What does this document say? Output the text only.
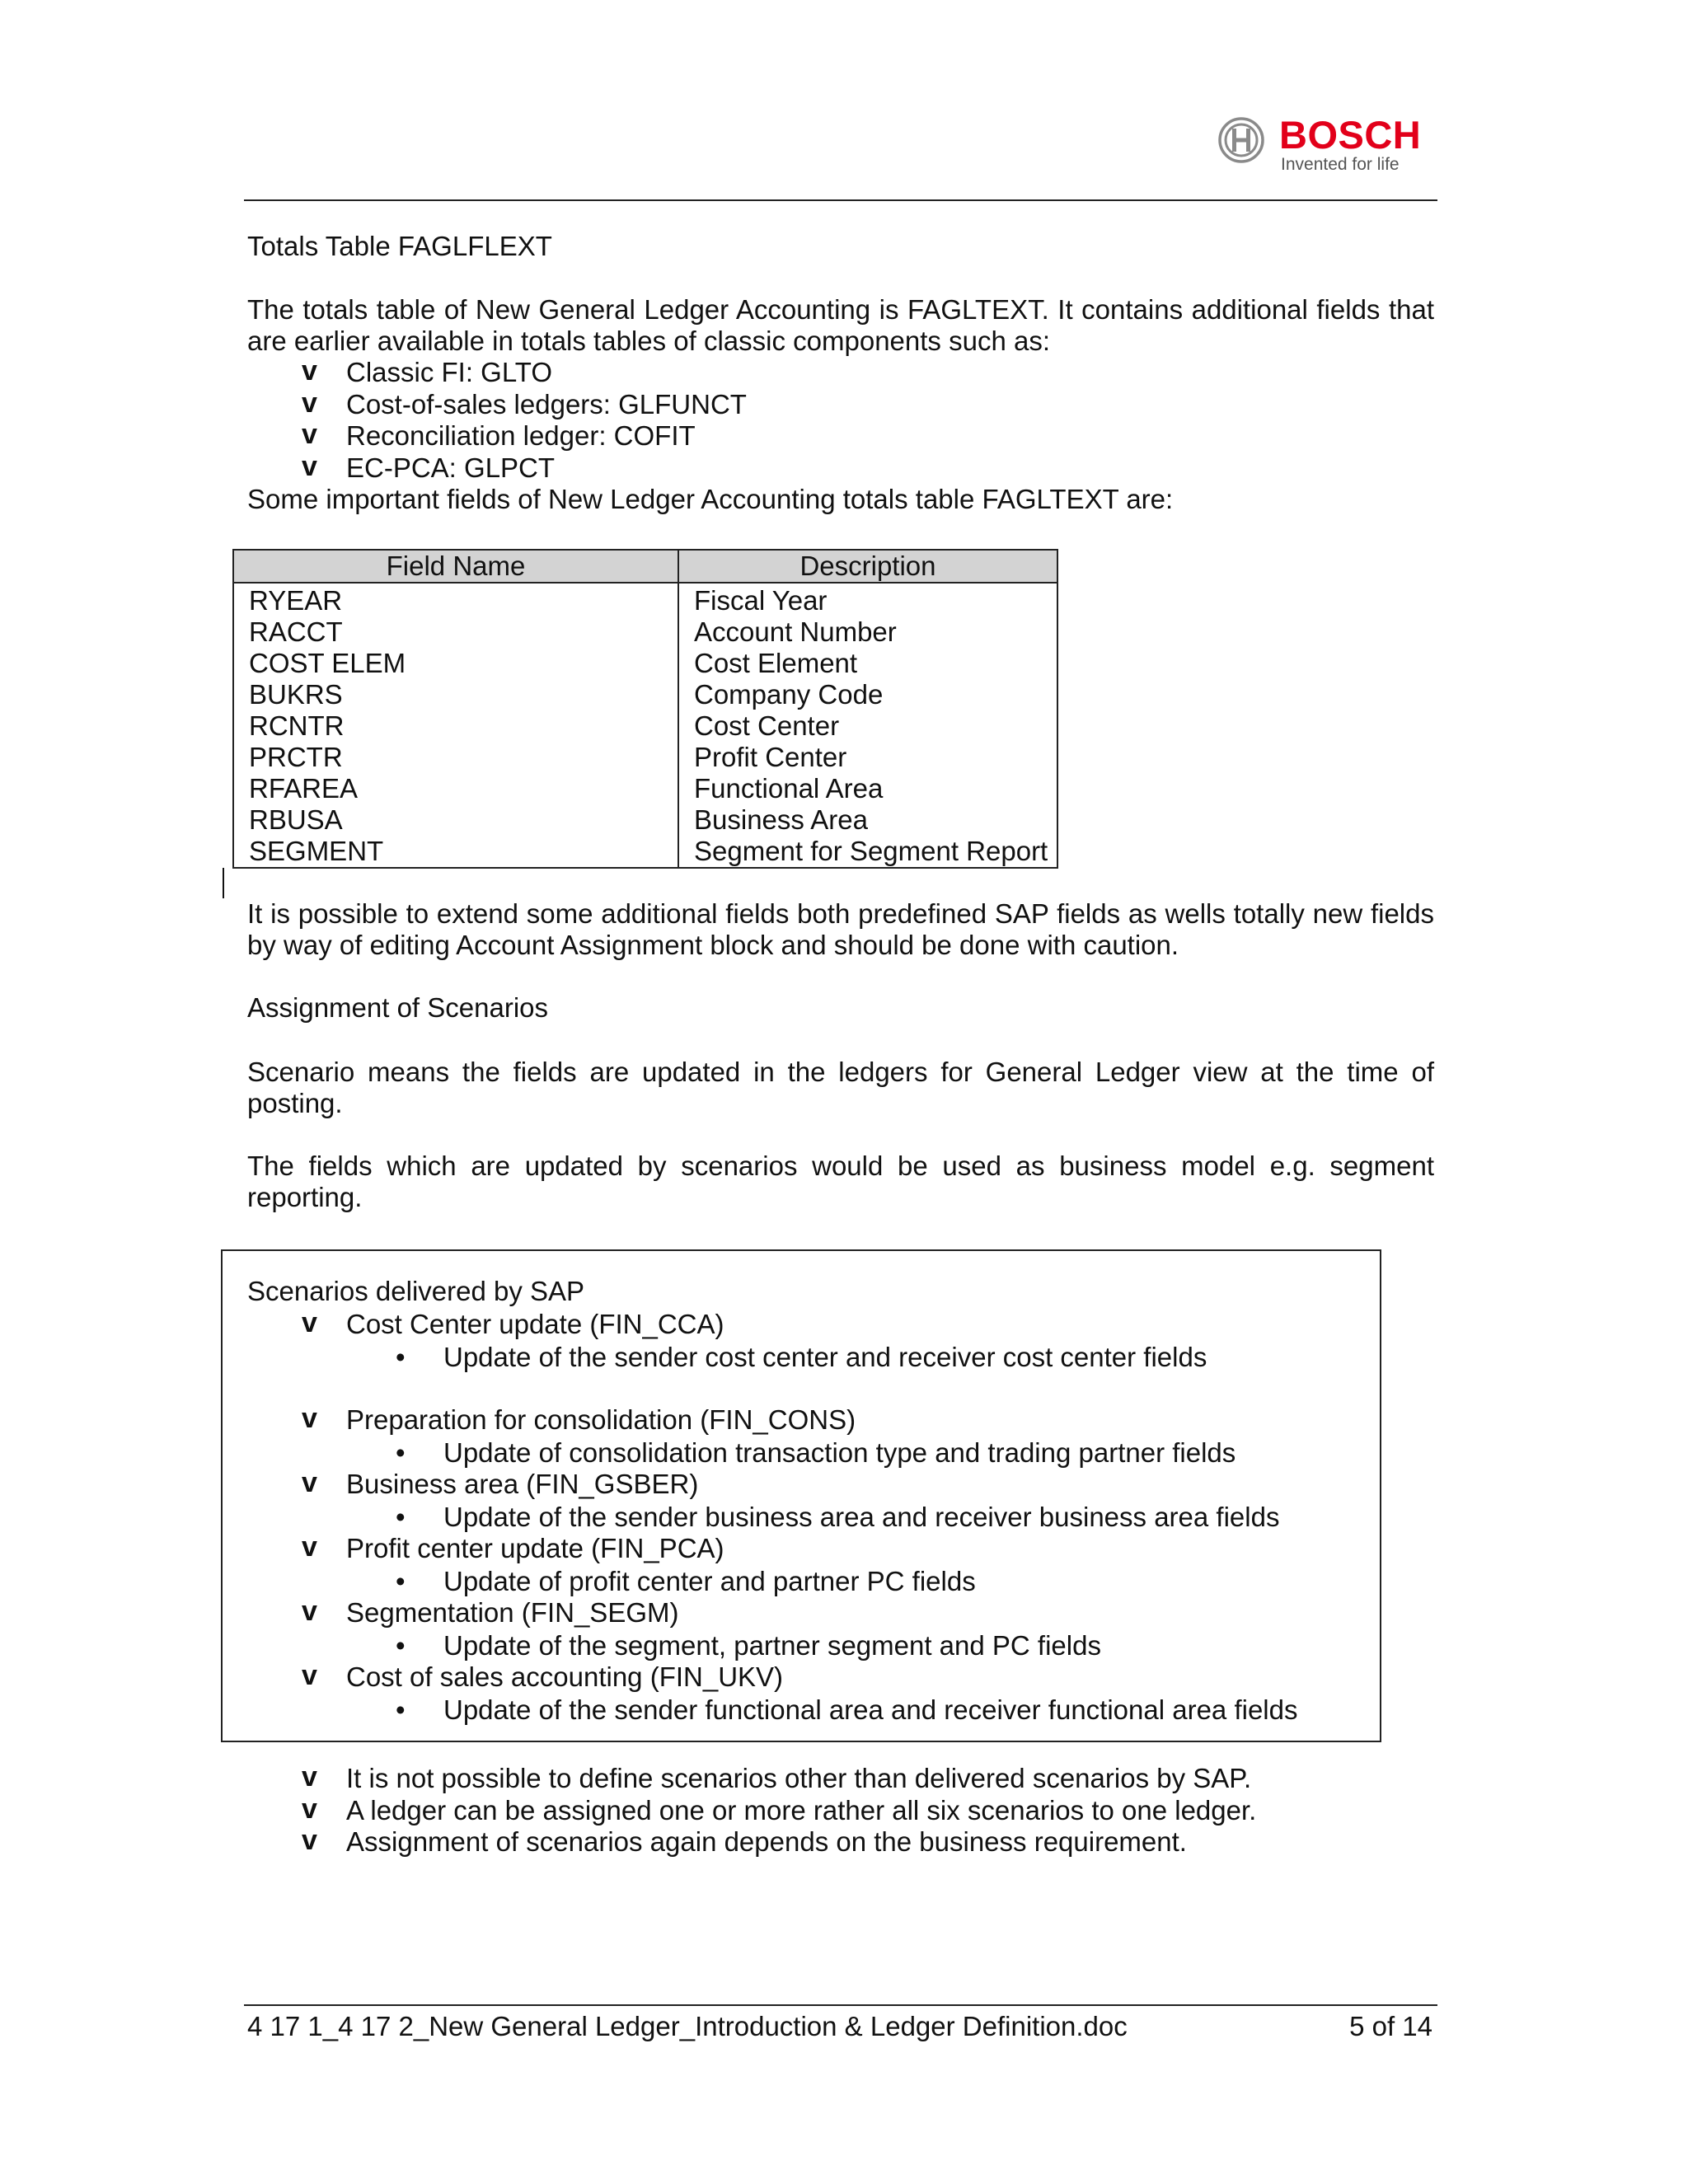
BOSCH
Invented for life
Totals Table FAGLFLEXT
The totals table of New General Ledger Accounting is FAGLTEXT. It contains additional fields that are earlier available in totals tables of classic components such as:
v Classic FI: GLTO
v Cost-of-sales ledgers: GLFUNCT
v Reconciliation ledger: COFIT
v EC-PCA: GLPCT
Some important fields of New Ledger Accounting totals table FAGLTEXT are:
Field Name	Description
RYEAR	Fiscal Year
RACCT	Account Number
COST ELEM	Cost Element
BUKRS	Company Code
RCNTR	Cost Center
PRCTR	Profit Center
RFAREA	Functional Area
RBUSA	Business Area
SEGMENT	Segment for Segment Report
It is possible to extend some additional fields both predefined SAP fields as wells totally new fields by way of editing Account Assignment block and should be done with caution.
Assignment of Scenarios
Scenario means the fields are updated in the ledgers for General Ledger view at the time of posting.
The fields which are updated by scenarios would be used as business model e.g. segment reporting.
Scenarios delivered by SAP
v Cost Center update (FIN_CCA)
• Update of the sender cost center and receiver cost center fields
v Preparation for consolidation (FIN_CONS)
• Update of consolidation transaction type and trading partner fields
v Business area (FIN_GSBER)
• Update of the sender business area and receiver business area fields
v Profit center update (FIN_PCA)
• Update of profit center and partner PC fields
v Segmentation (FIN_SEGM)
• Update of the segment, partner segment and PC fields
v Cost of sales accounting (FIN_UKV)
• Update of the sender functional area and receiver functional area fields
v It is not possible to define scenarios other than delivered scenarios by SAP.
v A ledger can be assigned one or more rather all six scenarios to one ledger.
v Assignment of scenarios again depends on the business requirement.
4 17 1_4 17 2_New General Ledger_Introduction & Ledger Definition.doc	5 of 14
